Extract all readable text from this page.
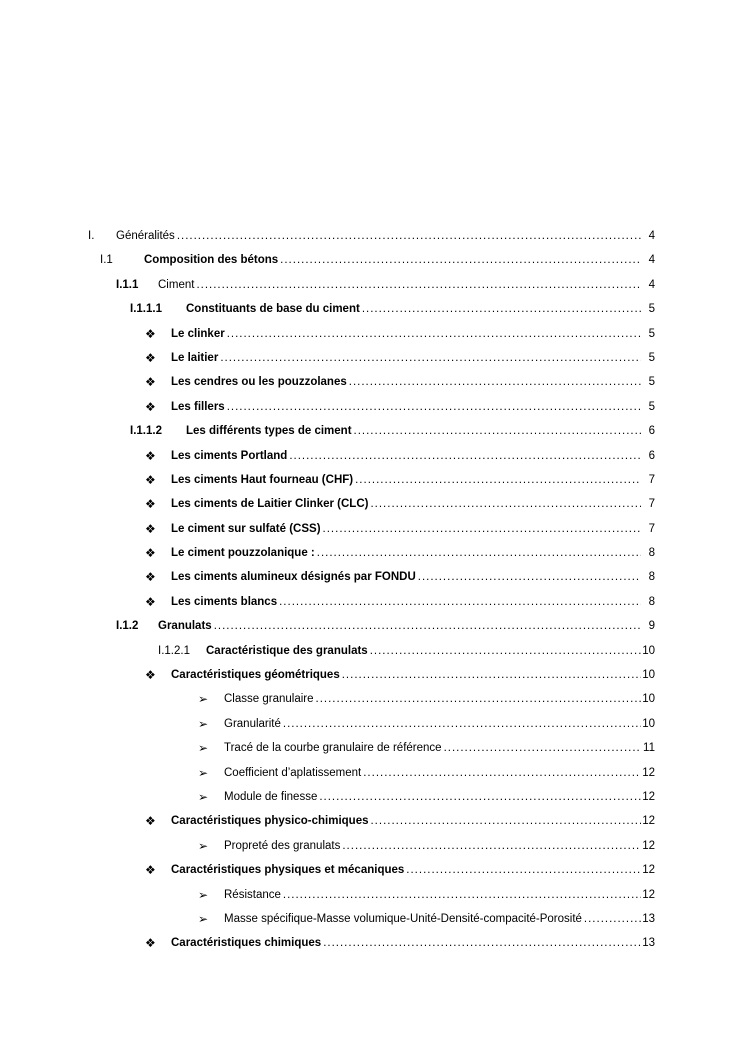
I.	Généralités .....	4
I.1	Composition des bétons .....	4
I.1.1	Ciment .....	4
I.1.1.1	Constituants de base du ciment .....	5
❖	Le clinker .....	5
❖	Le laitier .....	5
❖	Les cendres ou les pouzzolanes .....	5
❖	Les fillers .....	5
I.1.1.2	Les différents types de ciment .....	6
❖	Les ciments Portland .....	6
❖	Les ciments Haut fourneau (CHF) .....	7
❖	Les ciments de Laitier Clinker (CLC) .....	7
❖	Le ciment sur sulfaté (CSS) .....	7
❖	Le ciment pouzzolanique : .....	8
❖	Les ciments alumineux désignés par FONDU .....	8
❖	Les ciments blancs .....	8
I.1.2	Granulats .....	9
I.1.2.1	Caractéristique des granulats .....	10
❖	Caractéristiques géométriques .....	10
➢	Classe granulaire .....	10
➢	Granularité .....	10
➢	Tracé de la courbe granulaire de référence .....	11
➢	Coefficient d’aplatissement .....	12
➢	Module de finesse .....	12
❖	Caractéristiques physico-chimiques .....	12
➢	Propreté des granulats .....	12
❖	Caractéristiques physiques et mécaniques .....	12
➢	Résistance .....	12
➢	Masse spécifique-Masse volumique-Unité-Densité-compacité-Porosité .....	13
❖	Caractéristiques chimiques .....	13
